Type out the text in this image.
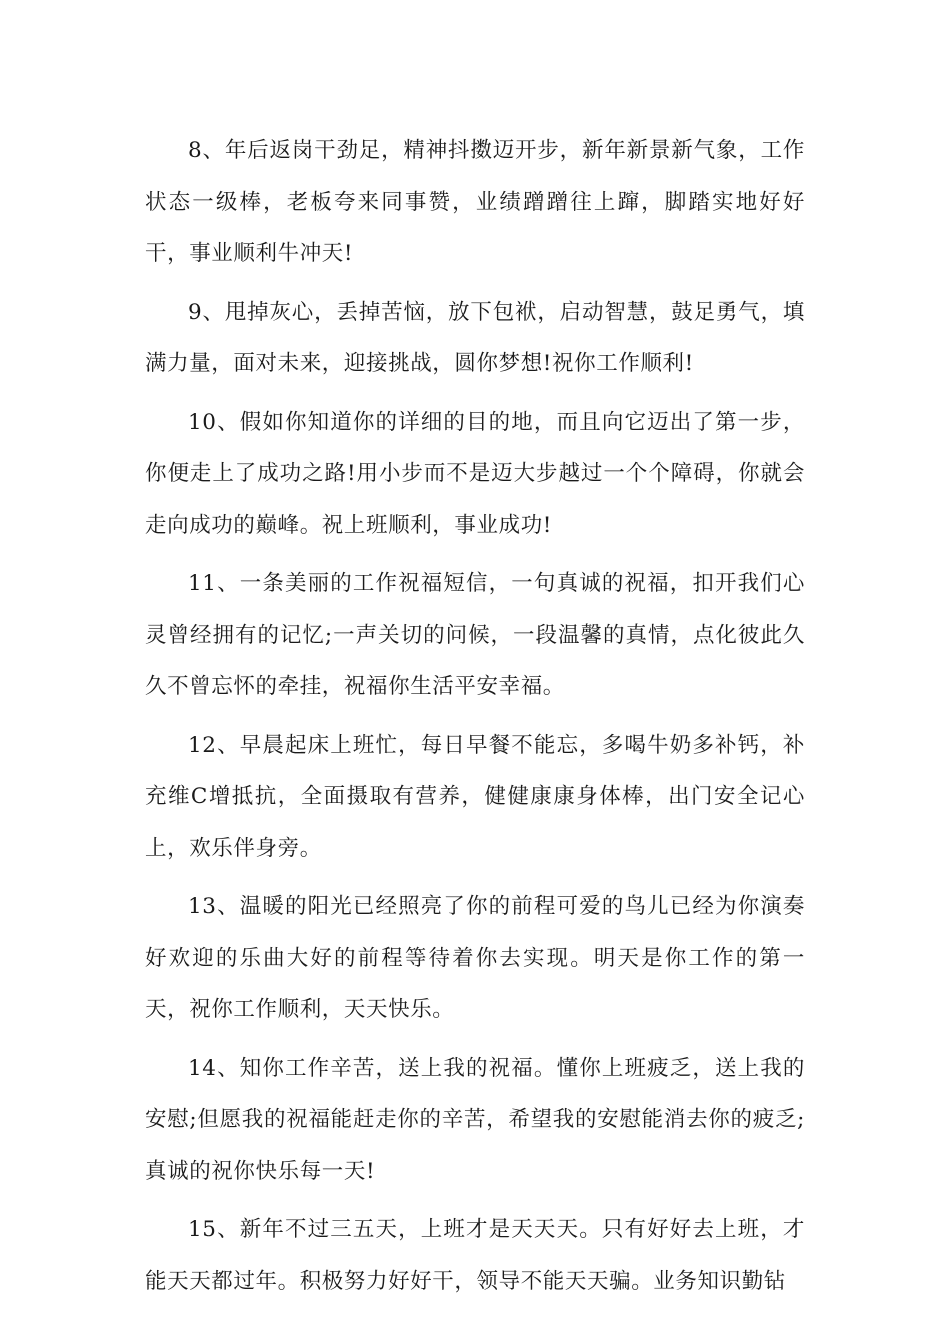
8、年后返岗干劲足，精神抖擞迈开步，新年新景新气象，工作状态一级棒，老板夸来同事赞，业绩蹭蹭往上蹿，脚踏实地好好干，事业顺利牛冲天!

9、甩掉灰心，丢掉苦恼，放下包袱，启动智慧，鼓足勇气，填满力量，面对未来，迎接挑战，圆你梦想!祝你工作顺利!

10、假如你知道你的详细的目的地，而且向它迈出了第一步，你便走上了成功之路!用小步而不是迈大步越过一个个障碍，你就会走向成功的巅峰。祝上班顺利，事业成功!

11、一条美丽的工作祝福短信，一句真诚的祝福，扣开我们心灵曾经拥有的记忆;一声关切的问候，一段温馨的真情，点化彼此久久不曾忘怀的牵挂，祝福你生活平安幸福。

12、早晨起床上班忙，每日早餐不能忘，多喝牛奶多补钙，补充维C增抵抗，全面摄取有营养，健健康康身体棒，出门安全记心上，欢乐伴身旁。

13、温暖的阳光已经照亮了你的前程可爱的鸟儿已经为你演奏好欢迎的乐曲大好的前程等待着你去实现。明天是你工作的第一天，祝你工作顺利，天天快乐。

14、知你工作辛苦，送上我的祝福。懂你上班疲乏，送上我的安慰;但愿我的祝福能赶走你的辛苦，希望我的安慰能消去你的疲乏;真诚的祝你快乐每一天!

15、新年不过三五天，上班才是天天天。只有好好去上班，才能天天都过年。积极努力好好干，领导不能天天骗。业务知识勤钻
